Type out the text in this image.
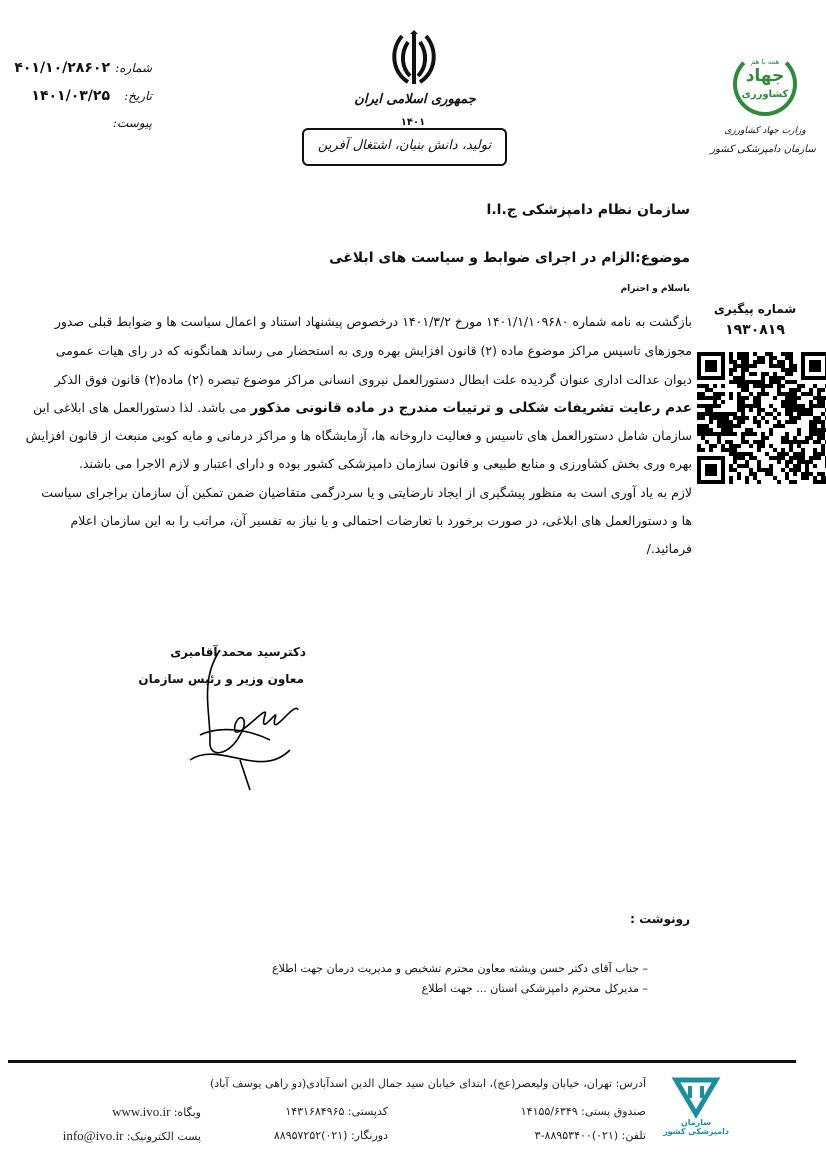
شماره:
۴۰۱/۱۰/۲۸۶۰۲
تاریخ:
۱۴۰۱/۰۳/۲۵
پیوست:
جمهوری اسلامی ایران
۱۴۰۱
تولید، دانش بنیان، اشتغال آفرین
همه با هم
جهاد
کشاورزی
وزارت جهاد کشاورزی
سازمان دامپزشکی کشور
شماره پیگیری
۱۹۳۰۸۱۹
سازمان نظام دامپزشکی ج.ا.ا
موضوع:الزام در اجرای ضوابط و سیاست های ابلاغی
باسلام و احترام
بازگشت به نامه شماره ۱۴۰۱/۱/۱۰۹۶۸۰ مورخ ۱۴۰۱/۳/۲ درخصوص پیشنهاد استناد و اعمال سیاست ها و ضوابط قبلی صدور
مجوزهای تاسیس مراکز موضوع ماده (۲) قانون افزایش بهره وری به استحضار می رساند همانگونه که در رای هیات عمومی
دیوان عدالت اداری عنوان گردیده علت ابطال دستورالعمل نیروی انسانی مراکز موضوع تبصره (۲) ماده(۲) قانون فوق الذکر
عدم رعایت تشریفات شکلی و ترتیبات مندرج در ماده قانونی مذکور می باشد. لذا دستورالعمل های ابلاغی این
سازمان شامل دستورالعمل های تاسیس و فعالیت داروخانه ها، آزمایشگاه ها و مراکز درمانی و مایه کوبی منبعث از قانون افزایش
بهره وری بخش کشاورزی و منابع طبیعی و قانون سازمان دامپزشکی کشور بوده و دارای اعتبار و لازم الاجرا می باشند.
لازم به یاد آوری است به منظور پیشگیری از ایجاد نارضایتی و یا سردرگمی متقاضیان ضمن تمکین آن سازمان براجرای سیاست
ها و دستورالعمل های ابلاغی، در صورت برخورد با تعارضات احتمالی و یا نیاز به تفسیر آن، مراتب را به این سازمان اعلام
فرمائید./
دکترسید محمد آقامیری
معاون وزیر و رئیس سازمان
رونوشت :
– جناب آقای دکتر حسن ویشته معاون محترم تشخیص و مدیریت درمان جهت اطلاع
– مدیرکل محترم دامپزشکی استان ... جهت اطلاع
سازمان دامپزشکی کشور
آدرس: تهران، خیابان ولیعصر(عج)، ابتدای خیابان سید جمال الدین اسدآبادی(دو راهی یوسف آباد)
صندوق پستی: ۱۴۱۵۵/۶۳۴۹
تلفن: (۰۲۱)۸۸۹۵۳۴۰۰-۳
کدپستی: ۱۴۳۱۶۸۴۹۶۵
دورنگار: (۰۲۱)۸۸۹۵۷۲۵۲
وبگاه: www.ivo.ir
پست الکترونیک: info@ivo.ir
